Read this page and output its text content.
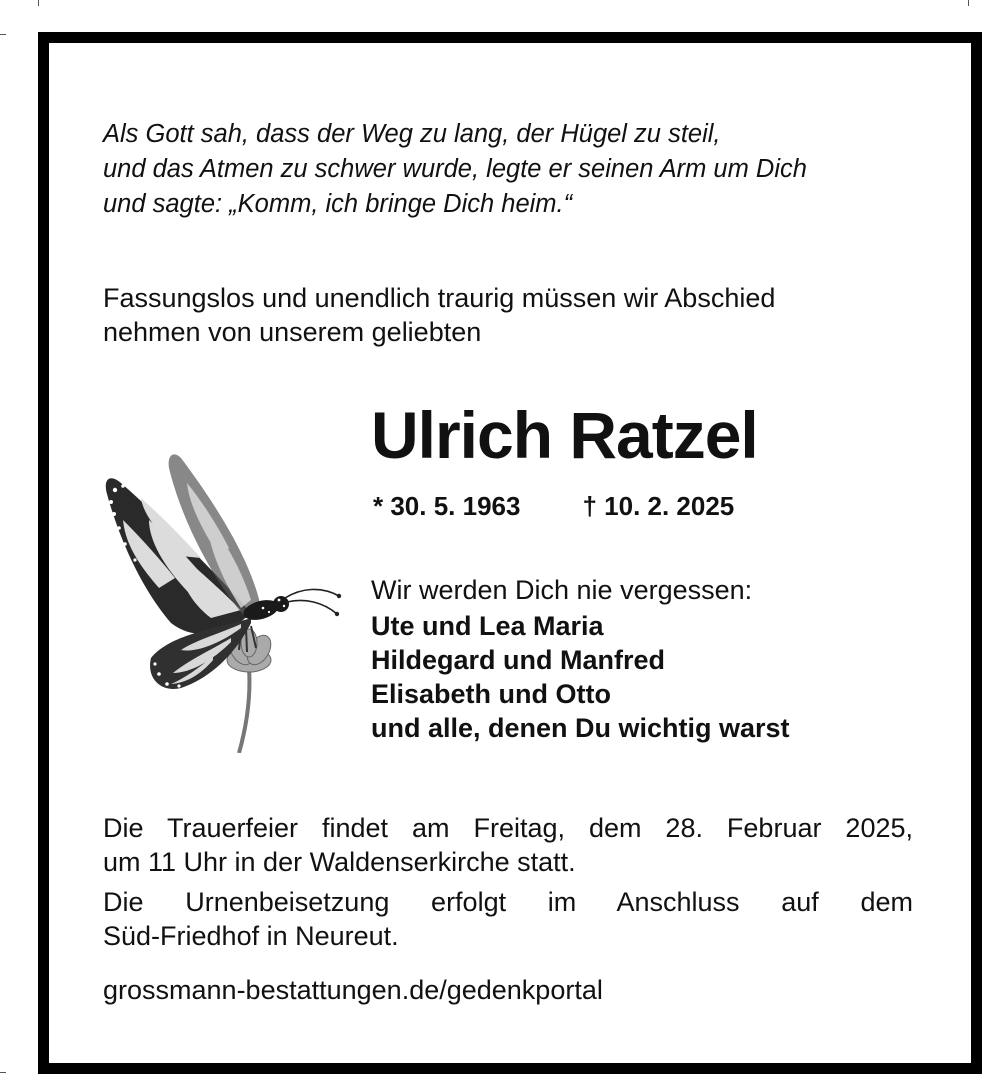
Als Gott sah, dass der Weg zu lang, der Hügel zu steil,
und das Atmen zu schwer wurde, legte er seinen Arm um Dich
und sagte: „Komm, ich bringe Dich heim.“
Fassungslos und unendlich traurig müssen wir Abschied
nehmen von unserem geliebten
Ulrich Ratzel
* 30. 5. 1963 † 10. 2. 2025
Wir werden Dich nie vergessen:
Ute und Lea Maria
Hildegard und Manfred
Elisabeth und Otto
und alle, denen Du wichtig warst

Die Trauerfeier findet am Freitag, dem 28. Februar 2025,
um 11 Uhr in der Waldenserkirche statt.

Die Urnenbeisetzung erfolgt im Anschluss auf dem
Süd-Friedhof in Neureut.

grossmann-bestattungen.de/gedenkportal
